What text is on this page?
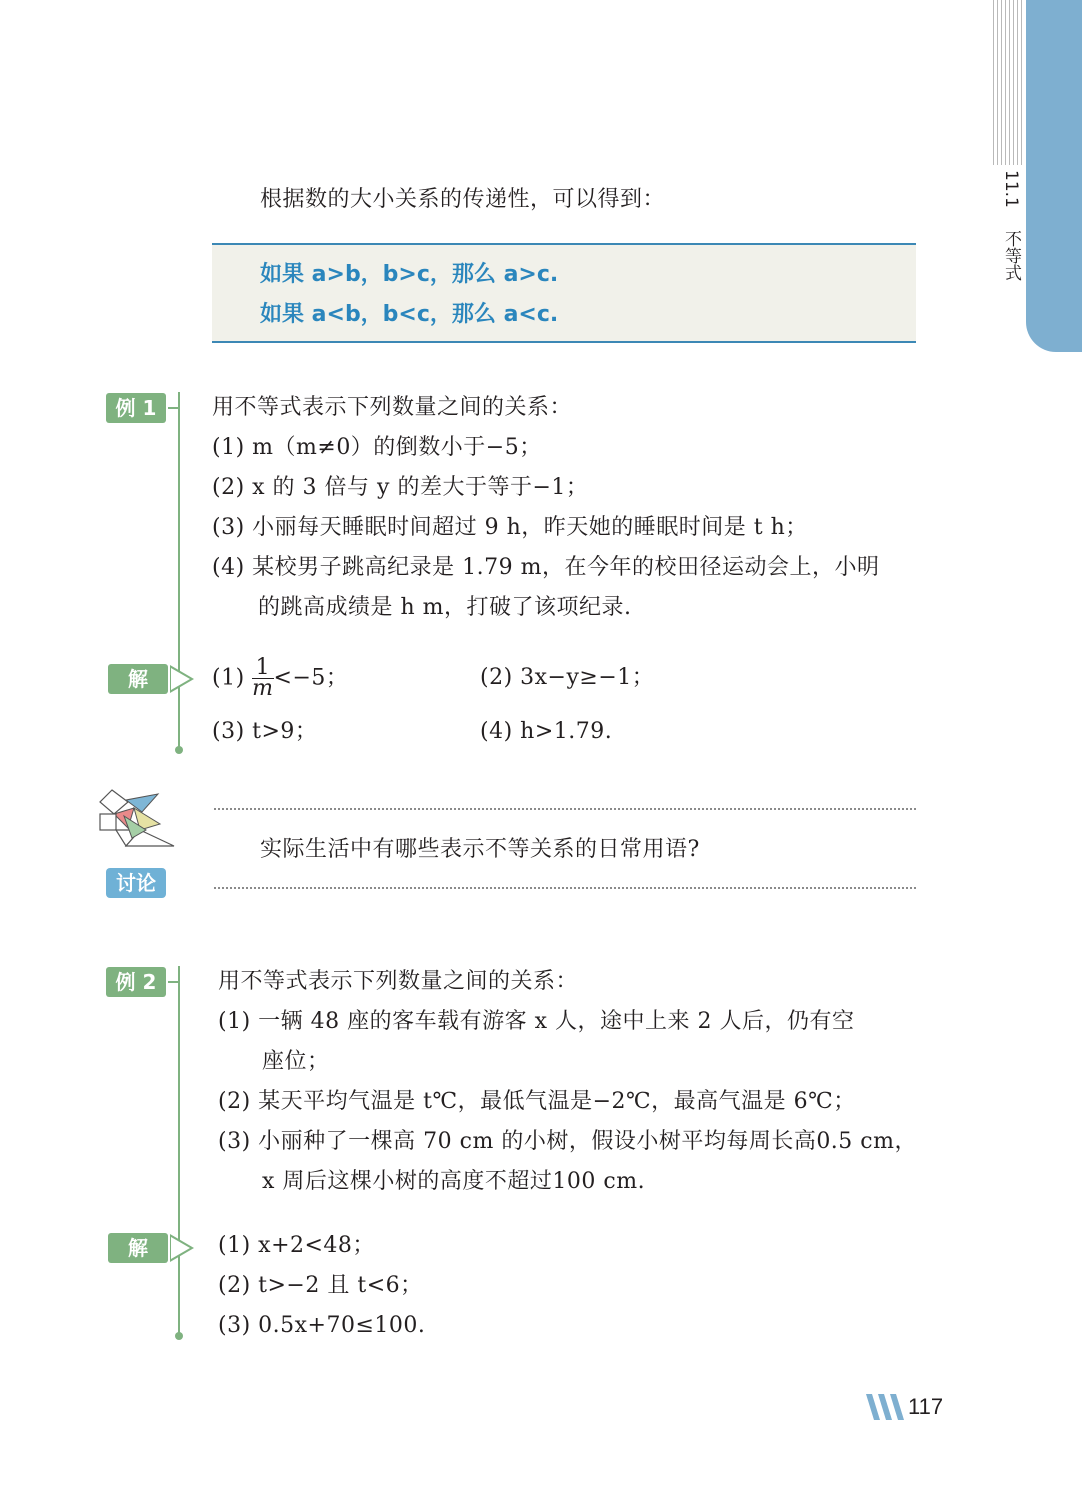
11.1不等式
根据数的大小关系的传递性，可以得到：
如果 a>b，b>c，那么 a>c.
如果 a<b，b<c，那么 a<c.
例 1	用不等式表示下列数量之间的关系：
(1) m（m≠0）的倒数小于−5；
(2) x 的 3 倍与 y 的差大于等于−1；
(3) 小丽每天睡眠时间超过 9 h，昨天她的睡眠时间是 t h；
(4) 某校男子跳高纪录是 1.79 m，在今年的校田径运动会上，小明
的跳高成绩是 h m，打破了该项纪录.
解	$(1) \frac{1}{m} <-5$；	(2) 3x−y≥−1；
(3) t>9；	(4) h>1.79.
讨论
实际生活中有哪些表示不等关系的日常用语?
例 2	用不等式表示下列数量之间的关系：
(1) 一辆 48 座的客车载有游客 x 人，途中上来 2 人后，仍有空
座位；
(2) 某天平均气温是 t℃，最低气温是−2℃，最高气温是 6℃；
(3) 小丽种了一棵高 70 cm 的小树，假设小树平均每周长高0.5 cm，
x 周后这棵小树的高度不超过100 cm.
解	(1) x+2<48；
(2) t>−2 且 t<6；
(3) 0.5x+70≤100.
117
